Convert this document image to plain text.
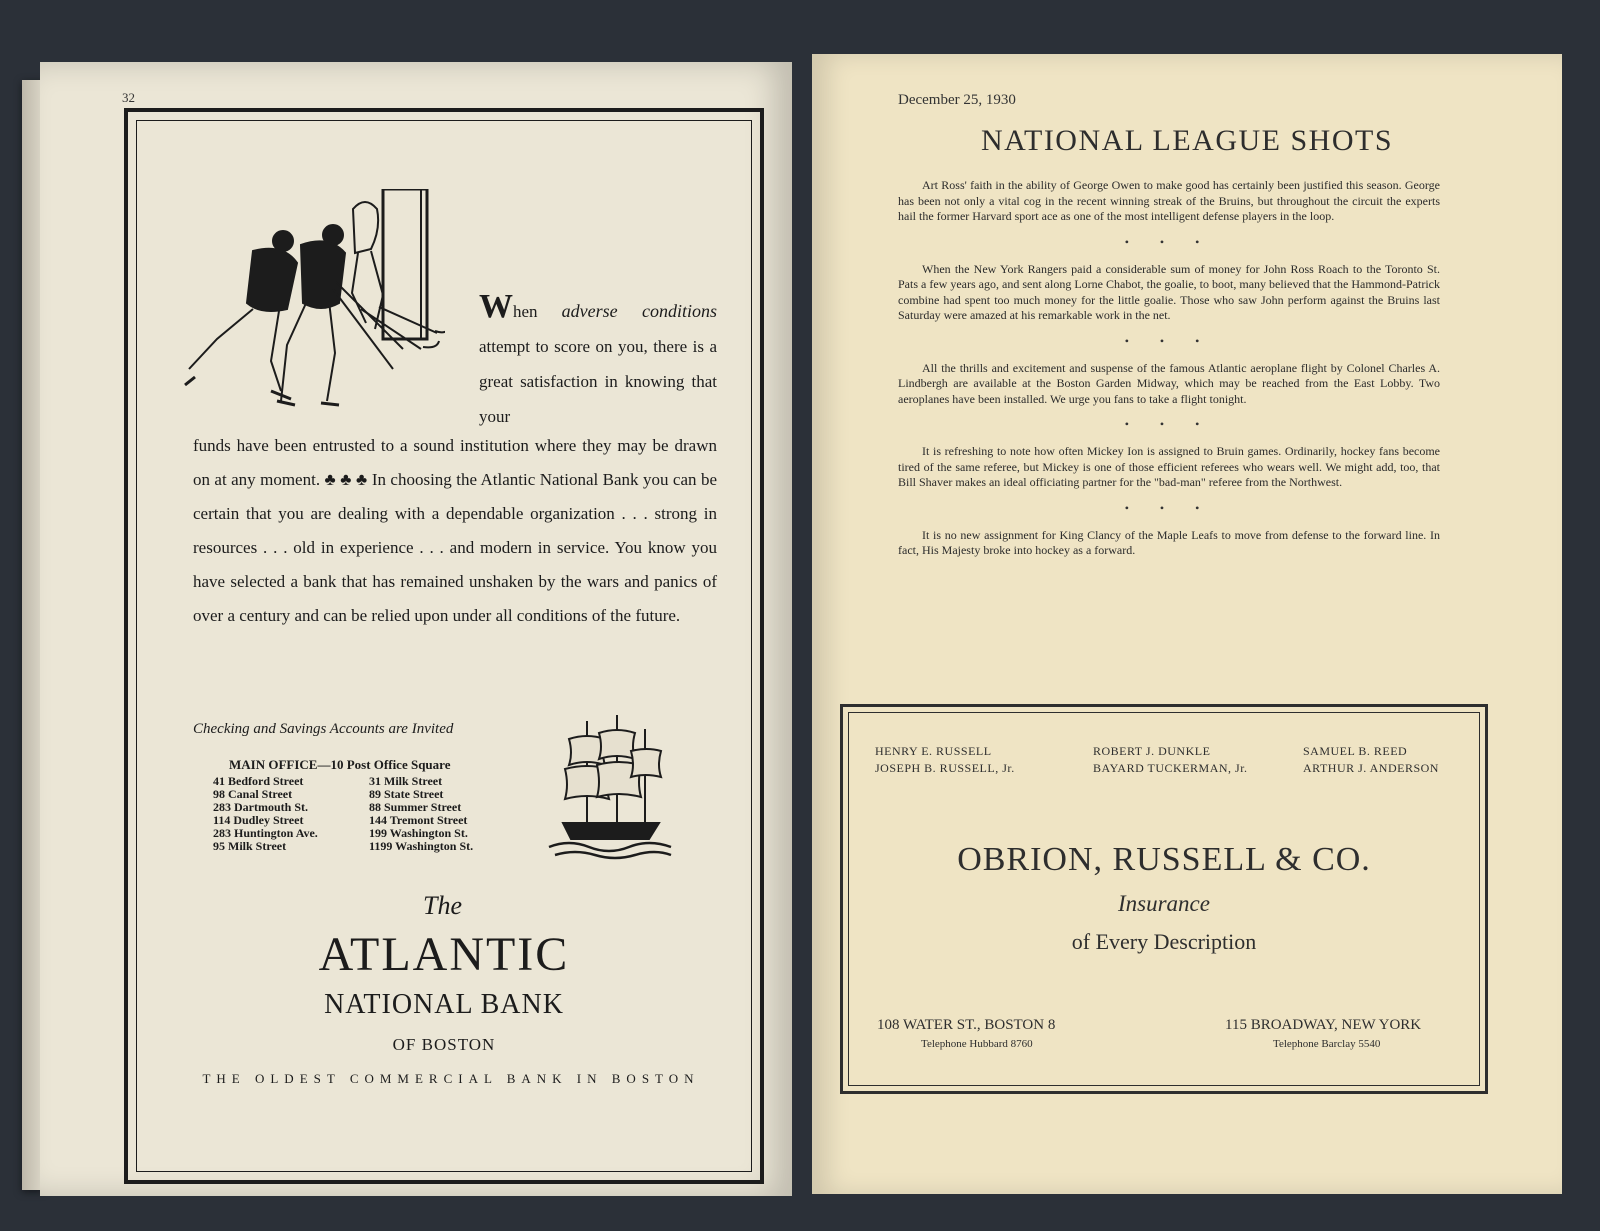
32
When adverse conditions attempt to score on you, there is a great satisfaction in knowing that your
funds have been entrusted to a sound institution where they may be drawn on at any moment. ♣ ♣ ♣ In choosing the Atlantic National Bank you can be certain that you are dealing with a dependable organization . . . strong in resources . . . old in experience . . . and modern in service. You know you have selected a bank that has remained unshaken by the wars and panics of over a century and can be relied upon under all conditions of the future.
Checking and Savings Accounts are Invited
MAIN OFFICE—10 Post Office Square
41 Bedford Street
98 Canal Street
283 Dartmouth St.
114 Dudley Street
283 Huntington Ave.
95 Milk Street
31 Milk Street
89 State Street
88 Summer Street
144 Tremont Street
199 Washington St.
1199 Washington St.
The
ATLANTIC
NATIONAL BANK
OF BOSTON
THE OLDEST COMMERCIAL BANK IN BOSTON
December 25, 1930
NATIONAL LEAGUE SHOTS

Art Ross' faith in the ability of George Owen to make good has certainly been justified this season. George has been not only a vital cog in the recent winning streak of the Bruins, but throughout the circuit the experts hail the former Harvard sport ace as one of the most intelligent defense players in the loop.

• • •

When the New York Rangers paid a considerable sum of money for John Ross Roach to the Toronto St. Pats a few years ago, and sent along Lorne Chabot, the goalie, to boot, many believed that the Hammond-Patrick combine had spent too much money for the little goalie. Those who saw John perform against the Bruins last Saturday were amazed at his remarkable work in the net.

• • •

All the thrills and excitement and suspense of the famous Atlantic aeroplane flight by Colonel Charles A. Lindbergh are available at the Boston Garden Midway, which may be reached from the East Lobby. Two aeroplanes have been installed. We urge you fans to take a flight tonight.

• • •

It is refreshing to note how often Mickey Ion is assigned to Bruin games. Ordinarily, hockey fans become tired of the same referee, but Mickey is one of those efficient referees who wears well. We might add, too, that Bill Shaver makes an ideal officiating partner for the "bad-man" referee from the Northwest.

• • •

It is no new assignment for King Clancy of the Maple Leafs to move from defense to the forward line. In fact, His Majesty broke into hockey as a forward.

HENRY E. RUSSELL
JOSEPH B. RUSSELL, Jr.
ROBERT J. DUNKLE
BAYARD TUCKERMAN, Jr.
SAMUEL B. REED
ARTHUR J. ANDERSON
OBRION, RUSSELL & CO.
Insurance
of Every Description
108 WATER ST., BOSTON 8
Telephone Hubbard 8760
115 BROADWAY, NEW YORK
Telephone Barclay 5540
